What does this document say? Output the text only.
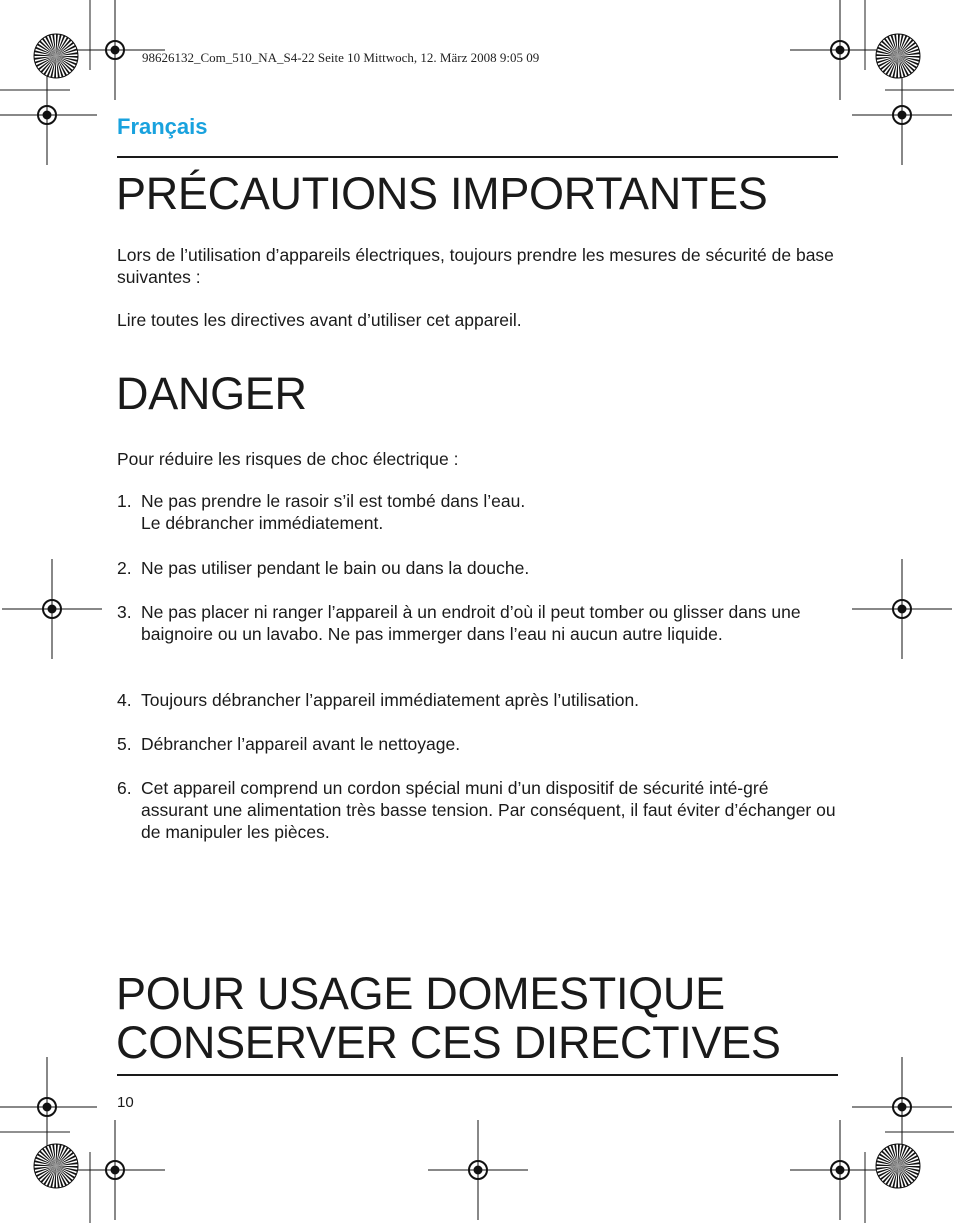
98626132_Com_510_NA_S4-22 Seite 10 Mittwoch, 12. März 2008 9:05 09
Français
PRÉCAUTIONS IMPORTANTES

Lors de l’utilisation d’appareils électriques, toujours prendre les mesures de sécurité de base suivantes :

Lire toutes les directives avant d’utiliser cet appareil.

DANGER

Pour réduire les risques de choc électrique :

1. Ne pas prendre le rasoir s’il est tombé dans l’eau.
Le débrancher immédiatement.
2. Ne pas utiliser pendant le bain ou dans la douche.
3. Ne pas placer ni ranger l’appareil à un endroit d’où il peut tomber ou glisser dans une baignoire ou un lavabo. Ne pas immerger dans l’eau ni aucun autre liquide.
4. Toujours débrancher l’appareil immédiatement après l’utilisation.
5. Débrancher l’appareil avant le nettoyage.
6. Cet appareil comprend un cordon spécial muni d’un dispositif de sécurité inté-gré assurant une alimentation très basse tension. Par conséquent, il faut éviter d’échanger ou de manipuler les pièces.
POUR USAGE DOMESTIQUE
CONSERVER CES DIRECTIVES
10
